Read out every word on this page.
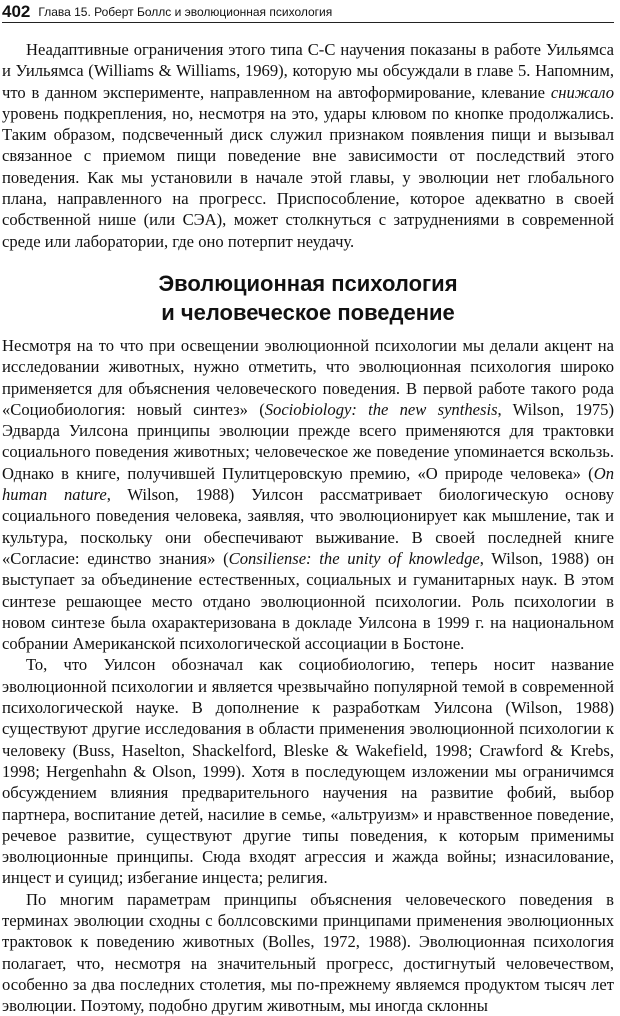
402 Глава 15. Роберт Боллс и эволюционная психология

Неадаптивные ограничения этого типа С-С научения показаны в работе Уильямса и Уильямса (Williams & Williams, 1969), которую мы обсуждали в главе 5. Напомним, что в данном эксперименте, направленном на автоформирование, клевание снижало уровень подкрепления, но, несмотря на это, удары клювом по кнопке продолжались. Таким образом, подсвеченный диск служил признаком появления пищи и вызывал связанное с приемом пищи поведение вне зависимости от последствий этого поведения. Как мы установили в начале этой главы, у эволюции нет глобального плана, направленного на прогресс. Приспособление, которое адекватно в своей собственной нише (или СЭА), может столкнуться с затруднениями в современной среде или лаборатории, где оно потерпит неудачу.

Эволюционная психология
и человеческое поведение

Несмотря на то что при освещении эволюционной психологии мы делали акцент на исследовании животных, нужно отметить, что эволюционная психология широко применяется для объяснения человеческого поведения. В первой работе такого рода «Социобиология: новый синтез» (Sociobiology: the new synthesis, Wilson, 1975) Эдварда Уилсона принципы эволюции прежде всего применяются для трактовки социального поведения животных; человеческое же поведение упоминается вскользь. Однако в книге, получившей Пулитцеровскую премию, «О природе человека» (On human nature, Wilson, 1988) Уилсон рассматривает биологическую основу социального поведения человека, заявляя, что эволюционирует как мышление, так и культура, поскольку они обеспечивают выживание. В своей последней книге «Согласие: единство знания» (Consiliense: the unity of knowledge, Wilson, 1988) он выступает за объединение естественных, социальных и гуманитарных наук. В этом синтезе решающее место отдано эволюционной психологии. Роль психологии в новом синтезе была охарактеризована в докладе Уилсона в 1999 г. на национальном собрании Американской психологической ассоциации в Бостоне.

То, что Уилсон обозначал как социобиологию, теперь носит название эволюционной психологии и является чрезвычайно популярной темой в современной психологической науке. В дополнение к разработкам Уилсона (Wilson, 1988) существуют другие исследования в области применения эволюционной психологии к человеку (Buss, Haselton, Shackelford, Bleske & Wakefield, 1998; Crawford & Krebs, 1998; Hergenhahn & Olson, 1999). Хотя в последующем изложении мы ограничимся обсуждением влияния предварительного научения на развитие фобий, выбор партнера, воспитание детей, насилие в семье, «альтруизм» и нравственное поведение, речевое развитие, существуют другие типы поведения, к которым применимы эволюционные принципы. Сюда входят агрессия и жажда войны; изнасилование, инцест и суицид; избегание инцеста; религия.

По многим параметрам принципы объяснения человеческого поведения в терминах эволюции сходны с боллсовскими принципами применения эволюционных трактовок к поведению животных (Bolles, 1972, 1988). Эволюционная психология полагает, что, несмотря на значительный прогресс, достигнутый человечеством, особенно за два последних столетия, мы по-прежнему являемся продуктом тысяч лет эволюции. Поэтому, подобно другим животным, мы иногда склонны
